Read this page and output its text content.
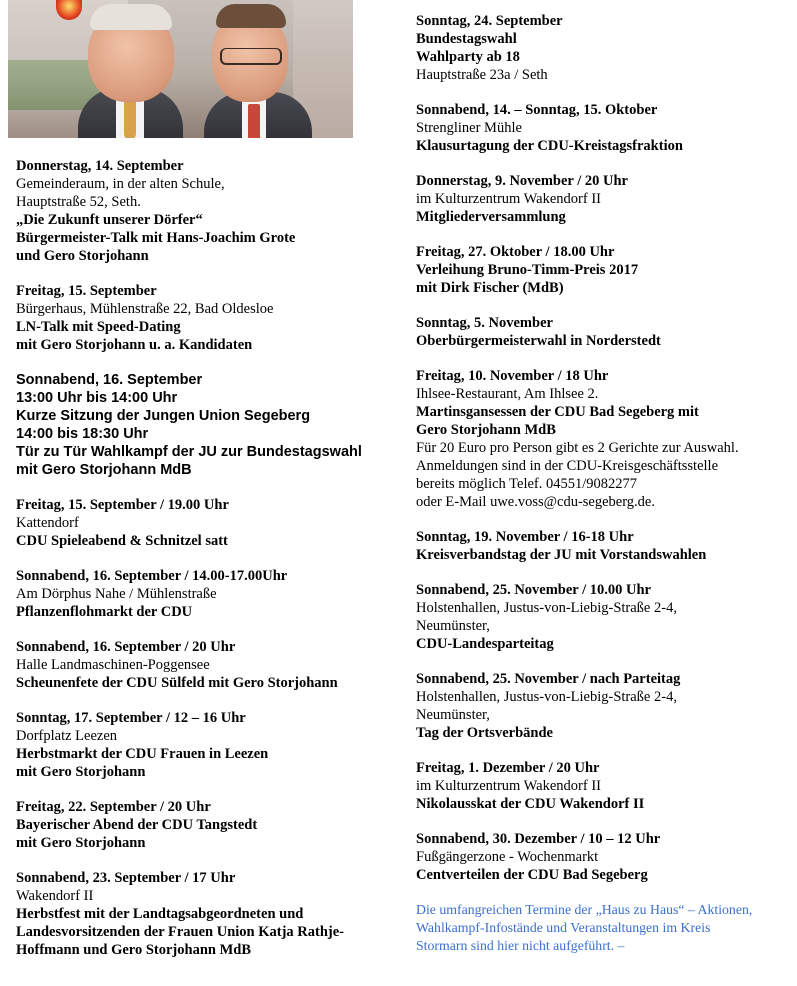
Donnerstag, 14. September
Gemeinderaum, in der alten Schule,
Hauptstraße 52, Seth.
„Die Zukunft unserer Dörfer“
Bürgermeister-Talk mit Hans-Joachim Grote
und Gero Storjohann
Freitag, 15. September
Bürgerhaus, Mühlenstraße 22, Bad Oldesloe
LN-Talk mit Speed-Dating
mit Gero Storjohann u. a. Kandidaten
Sonnabend, 16. September
13:00 Uhr bis 14:00 Uhr
Kurze Sitzung der Jungen Union Segeberg
14:00 bis 18:30 Uhr
Tür zu Tür Wahlkampf der JU zur Bundestagswahl
mit Gero Storjohann MdB
Freitag, 15. September / 19.00 Uhr
Kattendorf
CDU Spieleabend & Schnitzel satt
Sonnabend, 16. September / 14.00-17.00Uhr
Am Dörphus Nahe / Mühlenstraße
Pflanzenflohmarkt der CDU
Sonnabend, 16. September / 20 Uhr
Halle Landmaschinen-Poggensee
Scheunenfete der CDU Sülfeld mit Gero Storjohann
Sonntag, 17. September / 12 – 16 Uhr
Dorfplatz Leezen
Herbstmarkt der CDU Frauen in Leezen
mit Gero Storjohann
Freitag, 22. September / 20 Uhr
Bayerischer Abend der CDU Tangstedt
mit Gero Storjohann
Sonnabend, 23. September / 17 Uhr
Wakendorf II
Herbstfest mit der Landtagsabgeordneten und
Landesvorsitzenden der Frauen Union Katja Rathje-
Hoffmann und Gero Storjohann MdB
Sonntag, 24. September
Bundestagswahl
Wahlparty ab 18
Hauptstraße 23a / Seth
Sonnabend, 14. – Sonntag, 15. Oktober
Strengliner Mühle
Klausurtagung der CDU-Kreistagsfraktion
Donnerstag, 9. November / 20 Uhr
im Kulturzentrum Wakendorf II
Mitgliederversammlung
Freitag, 27. Oktober / 18.00 Uhr
Verleihung Bruno-Timm-Preis 2017
mit Dirk Fischer (MdB)
Sonntag, 5. November
Oberbürgermeisterwahl in Norderstedt
Freitag, 10. November / 18 Uhr
Ihlsee-Restaurant, Am Ihlsee 2.
Martinsgansessen der CDU Bad Segeberg mit
Gero Storjohann MdB
Für 20 Euro pro Person gibt es 2 Gerichte zur Auswahl.
Anmeldungen sind in der CDU-Kreisgeschäftsstelle
bereits möglich Telef. 04551/9082277
oder E-Mail uwe.voss@cdu-segeberg.de.
Sonntag, 19. November / 16-18 Uhr
Kreisverbandstag der JU mit Vorstandswahlen
Sonnabend, 25. November / 10.00 Uhr
Holstenhallen, Justus-von-Liebig-Straße 2-4,
Neumünster,
CDU-Landesparteitag
Sonnabend, 25. November / nach Parteitag
Holstenhallen, Justus-von-Liebig-Straße 2-4,
Neumünster,
Tag der Ortsverbände
Freitag, 1. Dezember / 20 Uhr
im Kulturzentrum Wakendorf II
Nikolausskat der CDU Wakendorf II
Sonnabend, 30. Dezember / 10 – 12 Uhr
Fußgängerzone - Wochenmarkt
Centverteilen der CDU Bad Segeberg
Die umfangreichen Termine der „Haus zu Haus“ – Aktionen,
Wahlkampf-Infostände und Veranstaltungen im Kreis
Stormarn sind hier nicht aufgeführt. –
